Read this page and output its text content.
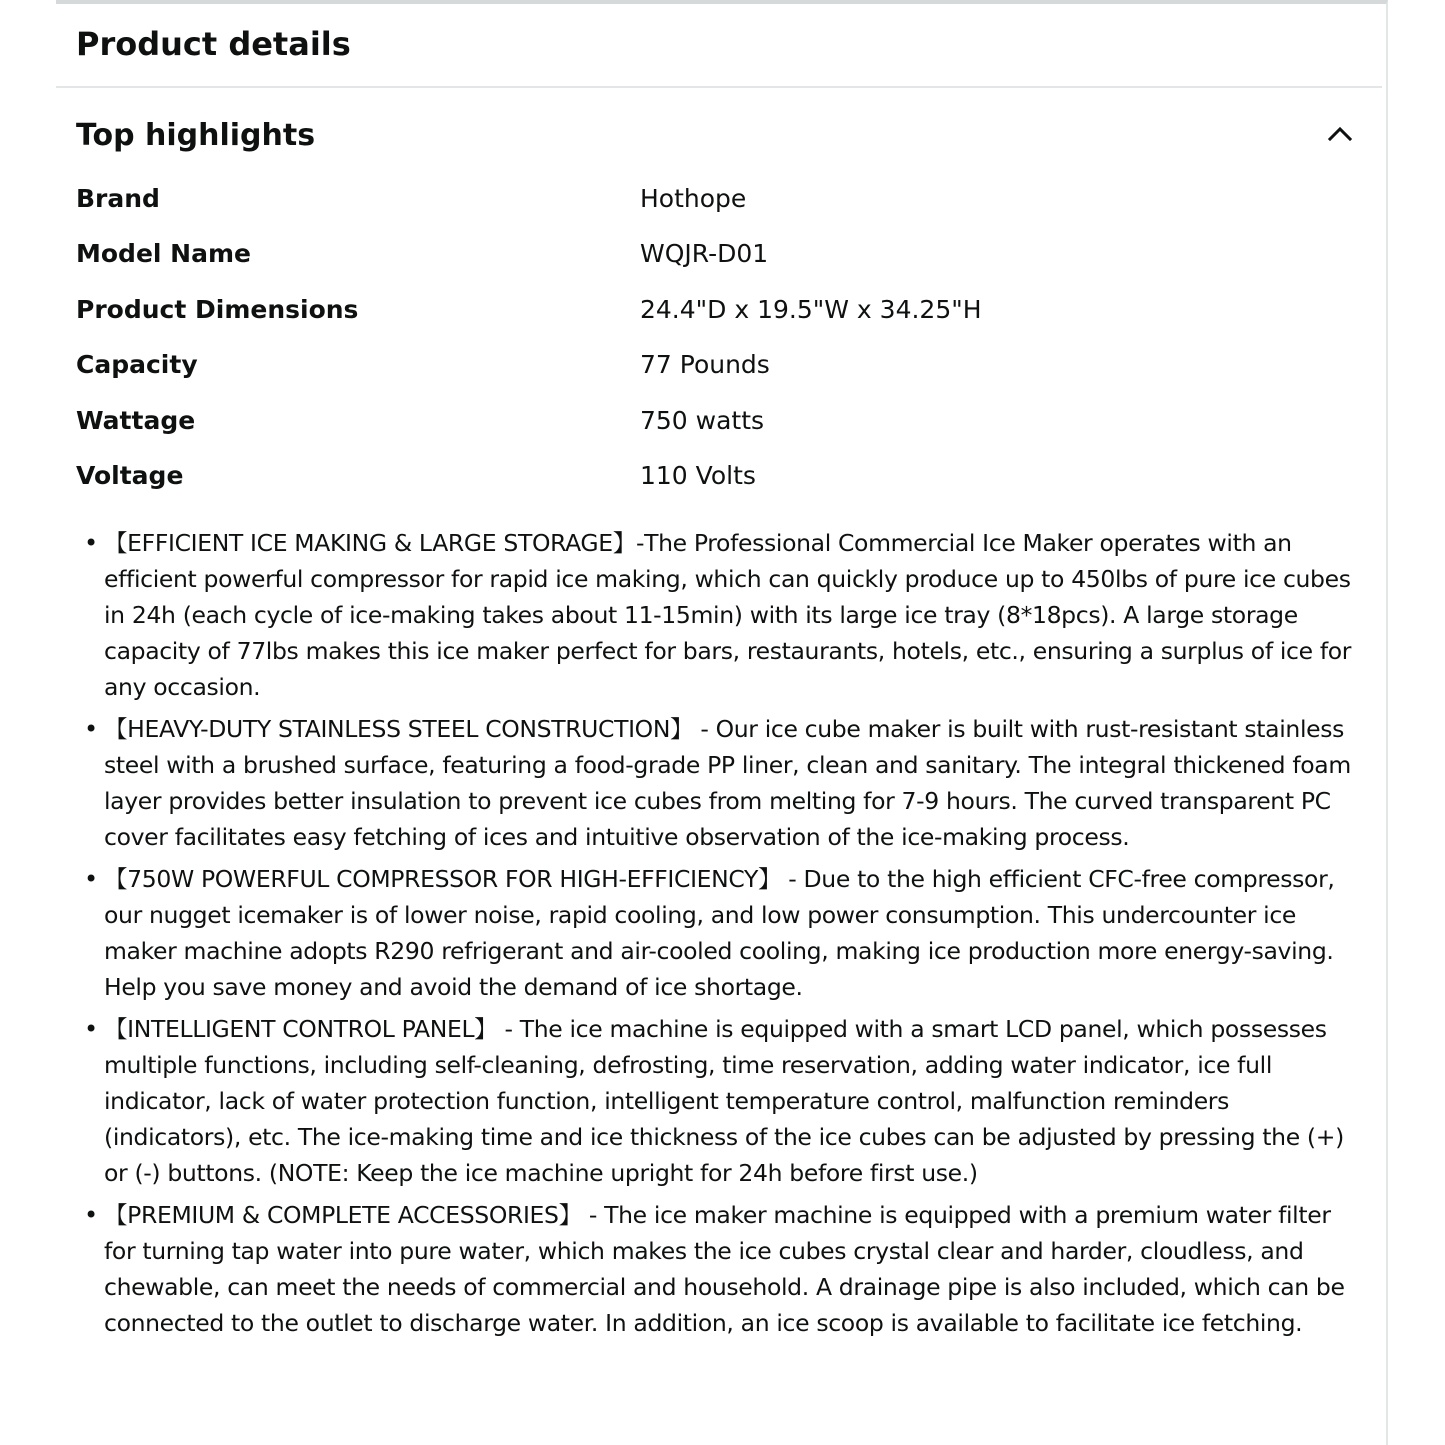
Product details
Top highlights
Brand	Hothope
Model Name	WQJR-D01
Product Dimensions	24.4"D x 19.5"W x 34.25"H
Capacity	77 Pounds
Wattage	750 watts
Voltage	110 Volts
• 【EFFICIENT ICE MAKING & LARGE STORAGE】-The Professional Commercial Ice Maker operates with an efficient powerful compressor for rapid ice making, which can quickly produce up to 450lbs of pure ice cubes in 24h (each cycle of ice-making takes about 11-15min) with its large ice tray (8*18pcs). A large storage capacity of 77lbs makes this ice maker perfect for bars, restaurants, hotels, etc., ensuring a surplus of ice for any occasion.
• 【HEAVY-DUTY STAINLESS STEEL CONSTRUCTION】 - Our ice cube maker is built with rust-resistant stainless steel with a brushed surface, featuring a food-grade PP liner, clean and sanitary. The integral thickened foam layer provides better insulation to prevent ice cubes from melting for 7-9 hours. The curved transparent PC cover facilitates easy fetching of ices and intuitive observation of the ice-making process.
• 【750W POWERFUL COMPRESSOR FOR HIGH-EFFICIENCY】 - Due to the high efficient CFC-free compressor, our nugget icemaker is of lower noise, rapid cooling, and low power consumption. This undercounter ice maker machine adopts R290 refrigerant and air-cooled cooling, making ice production more energy-saving. Help you save money and avoid the demand of ice shortage.
• 【INTELLIGENT CONTROL PANEL】 - The ice machine is equipped with a smart LCD panel, which possesses multiple functions, including self-cleaning, defrosting, time reservation, adding water indicator, ice full indicator, lack of water protection function, intelligent temperature control, malfunction reminders (indicators), etc. The ice-making time and ice thickness of the ice cubes can be adjusted by pressing the (+) or (-) buttons. (NOTE: Keep the ice machine upright for 24h before first use.)
• 【PREMIUM & COMPLETE ACCESSORIES】 - The ice maker machine is equipped with a premium water filter for turning tap water into pure water, which makes the ice cubes crystal clear and harder, cloudless, and chewable, can meet the needs of commercial and household. A drainage pipe is also included, which can be connected to the outlet to discharge water. In addition, an ice scoop is available to facilitate ice fetching.
